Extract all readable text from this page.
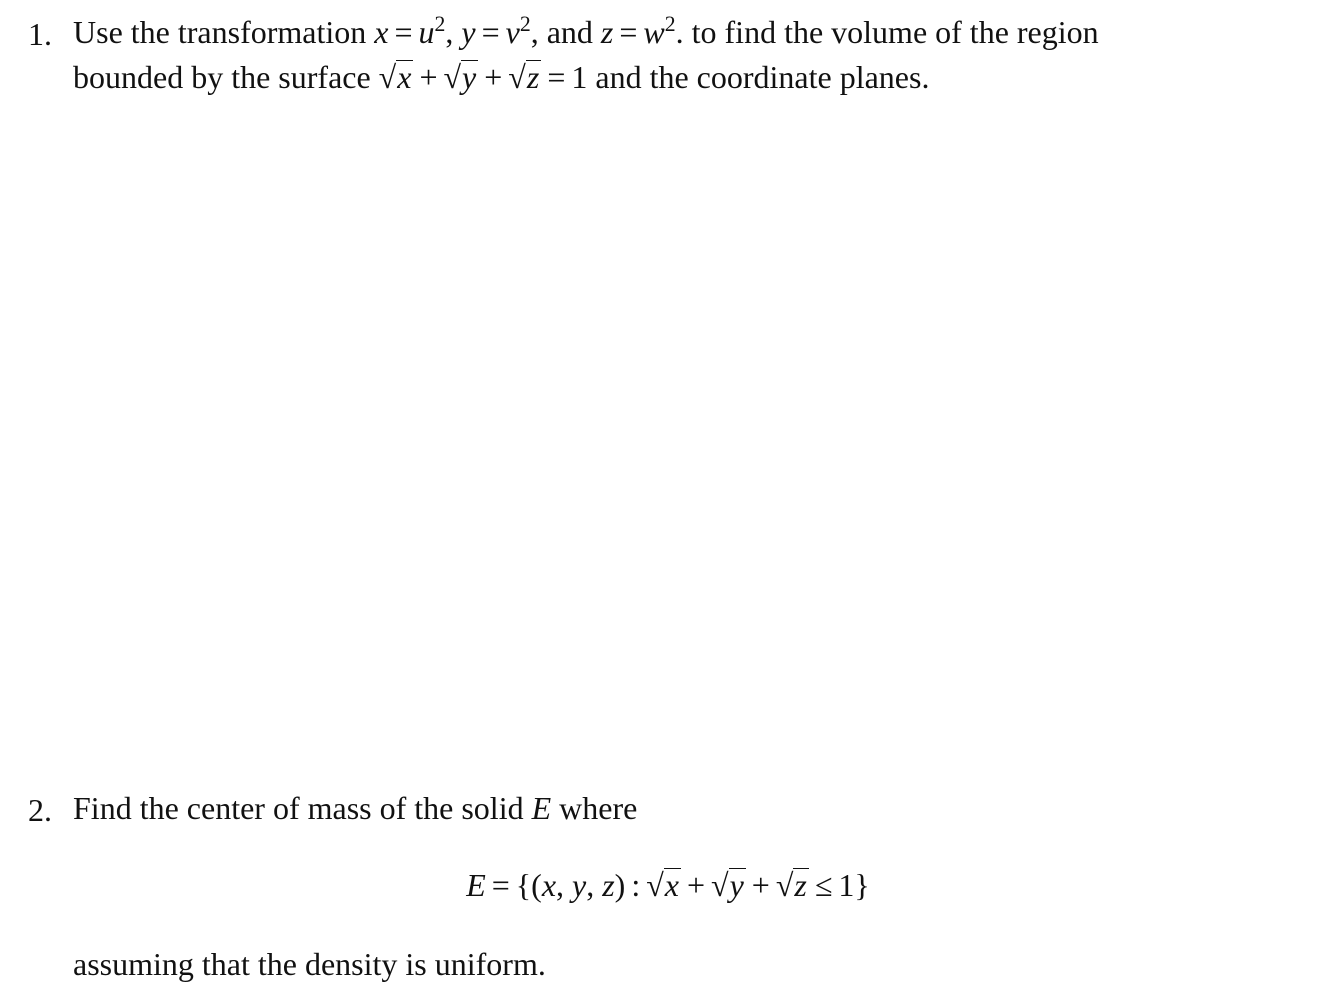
1. Use the transformation $x = u^2$, $y = v^2$, and $z = w^2$. to find the volume of the region
bounded by the surface √x + √y + √z = 1 and the coordinate planes.
2. Find the center of mass of the solid E where
E = {(x, y, z) : √x + √y + √z ≤ 1}
assuming that the density is uniform.
